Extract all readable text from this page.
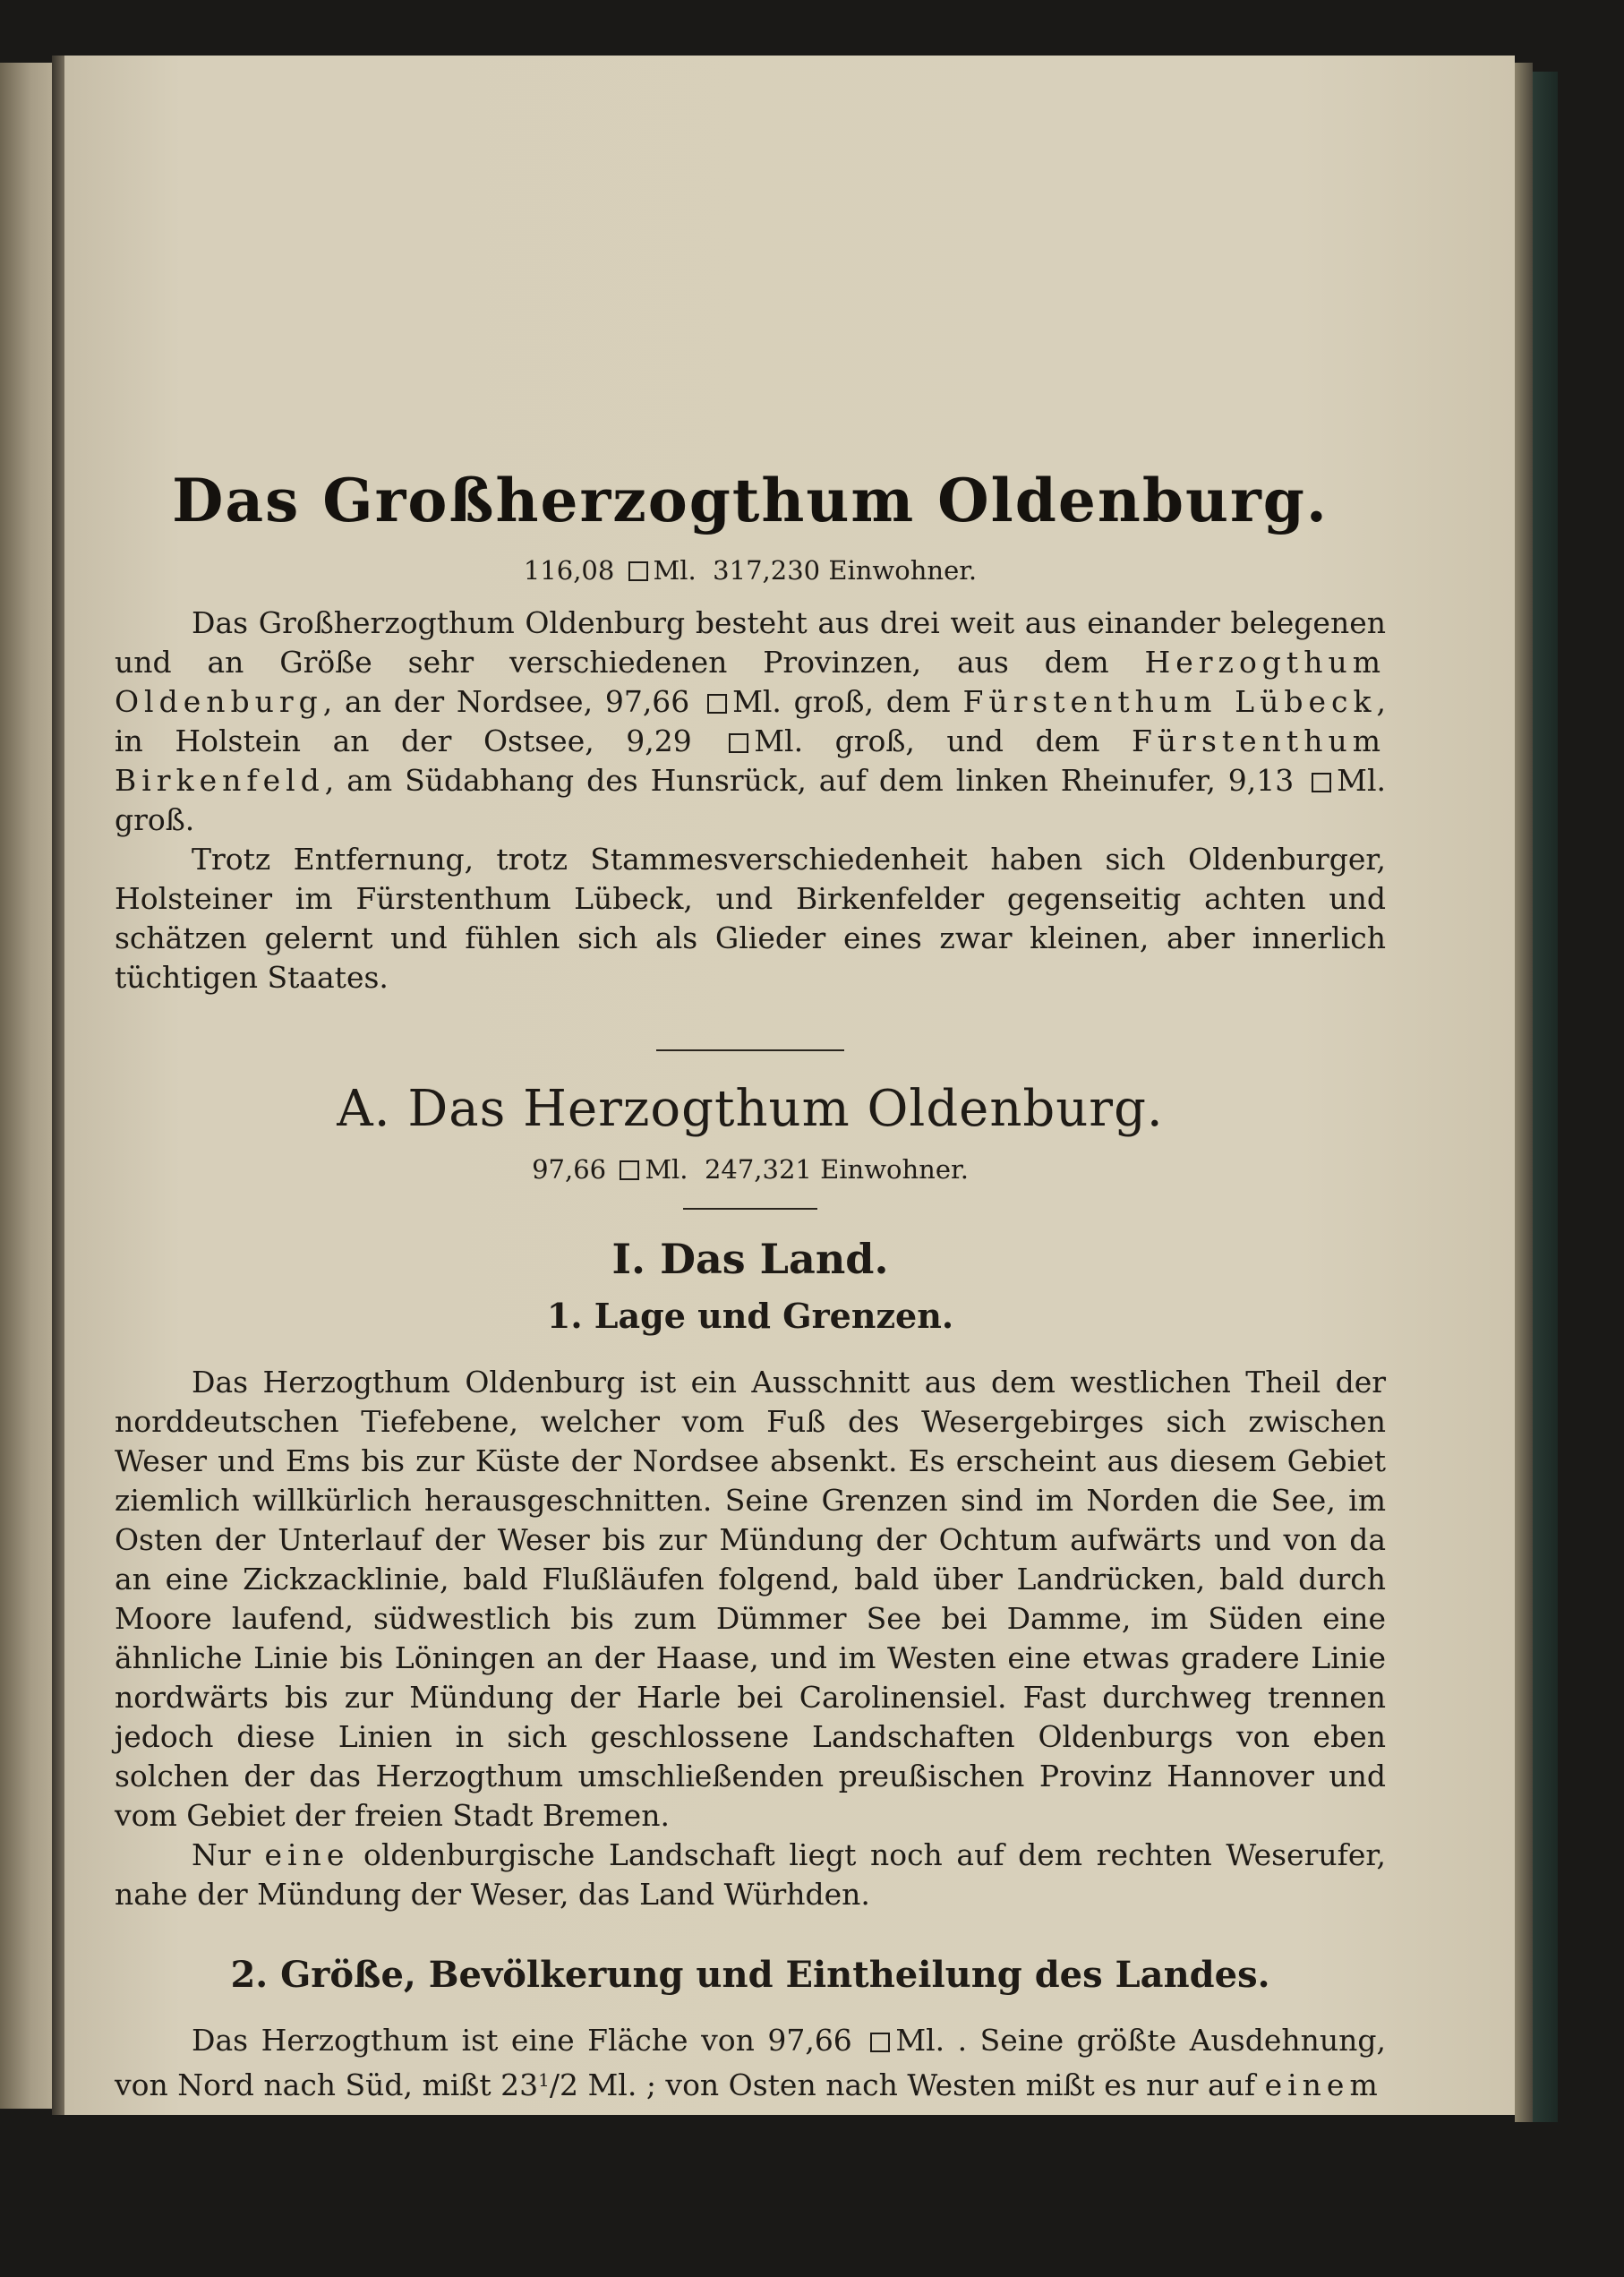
Das Großherzogthum Oldenburg.
116,08 Ml. 317,230 Einwohner.

Das Großherzogthum Oldenburg besteht aus drei weit aus einander belegenen und an Größe sehr verschiedenen Provinzen, aus dem Herzogthum Oldenburg, an der Nordsee, 97,66 Ml. groß, dem Fürstenthum Lübeck, in Holstein an der Ostsee, 9,29 Ml. groß, und dem Fürstenthum Birkenfeld, am Südabhang des Hunsrück, auf dem linken Rheinufer, 9,13 Ml. groß.

Trotz Entfernung, trotz Stammesverschiedenheit haben sich Oldenburger, Holsteiner im Fürstenthum Lübeck, und Birkenfelder gegenseitig achten und schätzen gelernt und fühlen sich als Glieder eines zwar kleinen, aber innerlich tüchtigen Staates.

A. Das Herzogthum Oldenburg.
97,66 Ml. 247,321 Einwohner.
I. Das Land.
1. Lage und Grenzen.

Das Herzogthum Oldenburg ist ein Ausschnitt aus dem westlichen Theil der norddeutschen Tiefebene, welcher vom Fuß des Wesergebirges sich zwischen Weser und Ems bis zur Küste der Nordsee absenkt. Es erscheint aus diesem Gebiet ziemlich willkürlich herausgeschnitten. Seine Grenzen sind im Norden die See, im Osten der Unterlauf der Weser bis zur Mündung der Ochtum aufwärts und von da an eine Zickzacklinie, bald Flußläufen folgend, bald über Landrücken, bald durch Moore laufend, südwestlich bis zum Dümmer See bei Damme, im Süden eine ähnliche Linie bis Löningen an der Haase, und im Westen eine etwas gradere Linie nordwärts bis zur Mündung der Harle bei Carolinensiel. Fast durchweg trennen jedoch diese Linien in sich geschlossene Landschaften Oldenburgs von eben solchen der das Herzogthum umschließenden preußischen Provinz Hannover und vom Gebiet der freien Stadt Bremen.

Nur eine oldenburgische Landschaft liegt noch auf dem rechten Weserufer, nahe der Mündung der Weser, das Land Würhden.

2. Größe, Bevölkerung und Eintheilung des Landes.

Das Herzogthum ist eine Fläche von 97,66 Ml. . Seine größte Ausdehnung, von Nord nach Süd, mißt $23^1/2$ Ml. ; von Osten nach Westen mißt es nur auf einem
